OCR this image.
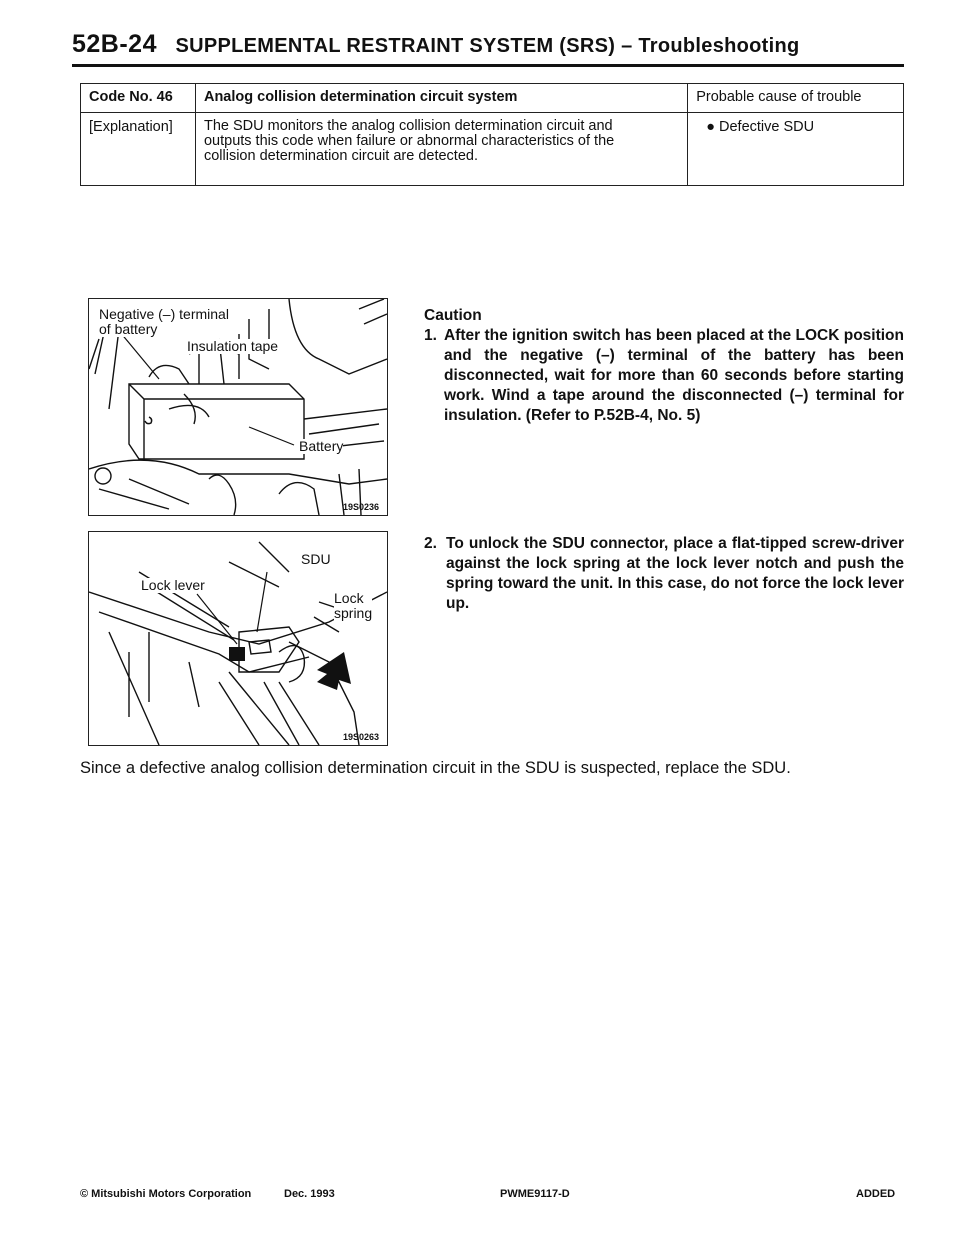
52B-24 SUPPLEMENTAL RESTRAINT SYSTEM (SRS) – Troubleshooting
Code No. 46	Analog collision determination circuit system	Probable cause of trouble
[Explanation]	The SDU monitors the analog collision determination circuit and
outputs this code when failure or abnormal characteristics of the
collision determination circuit are detected.	● Defective SDU
Negative (–) terminal
of battery
Insulation tape
Battery
19S0236
SDU
Lock lever
Lock
spring
19S0263
Caution
1. After the ignition switch has been placed at the LOCK position and the negative (–) terminal of the battery has been disconnected, wait for more than 60 seconds before starting work. Wind a tape around the disconnected (–) terminal for insulation. (Refer to P.52B-4, No. 5)
2. To unlock the SDU connector, place a flat-tipped screw-driver against the lock spring at the lock lever notch and push the spring toward the unit. In this case, do not force the lock lever up.
Since a defective analog collision determination circuit in the SDU is suspected, replace the SDU.
© Mitsubishi Motors Corporation	Dec. 1993	PWME9117-D	ADDED
